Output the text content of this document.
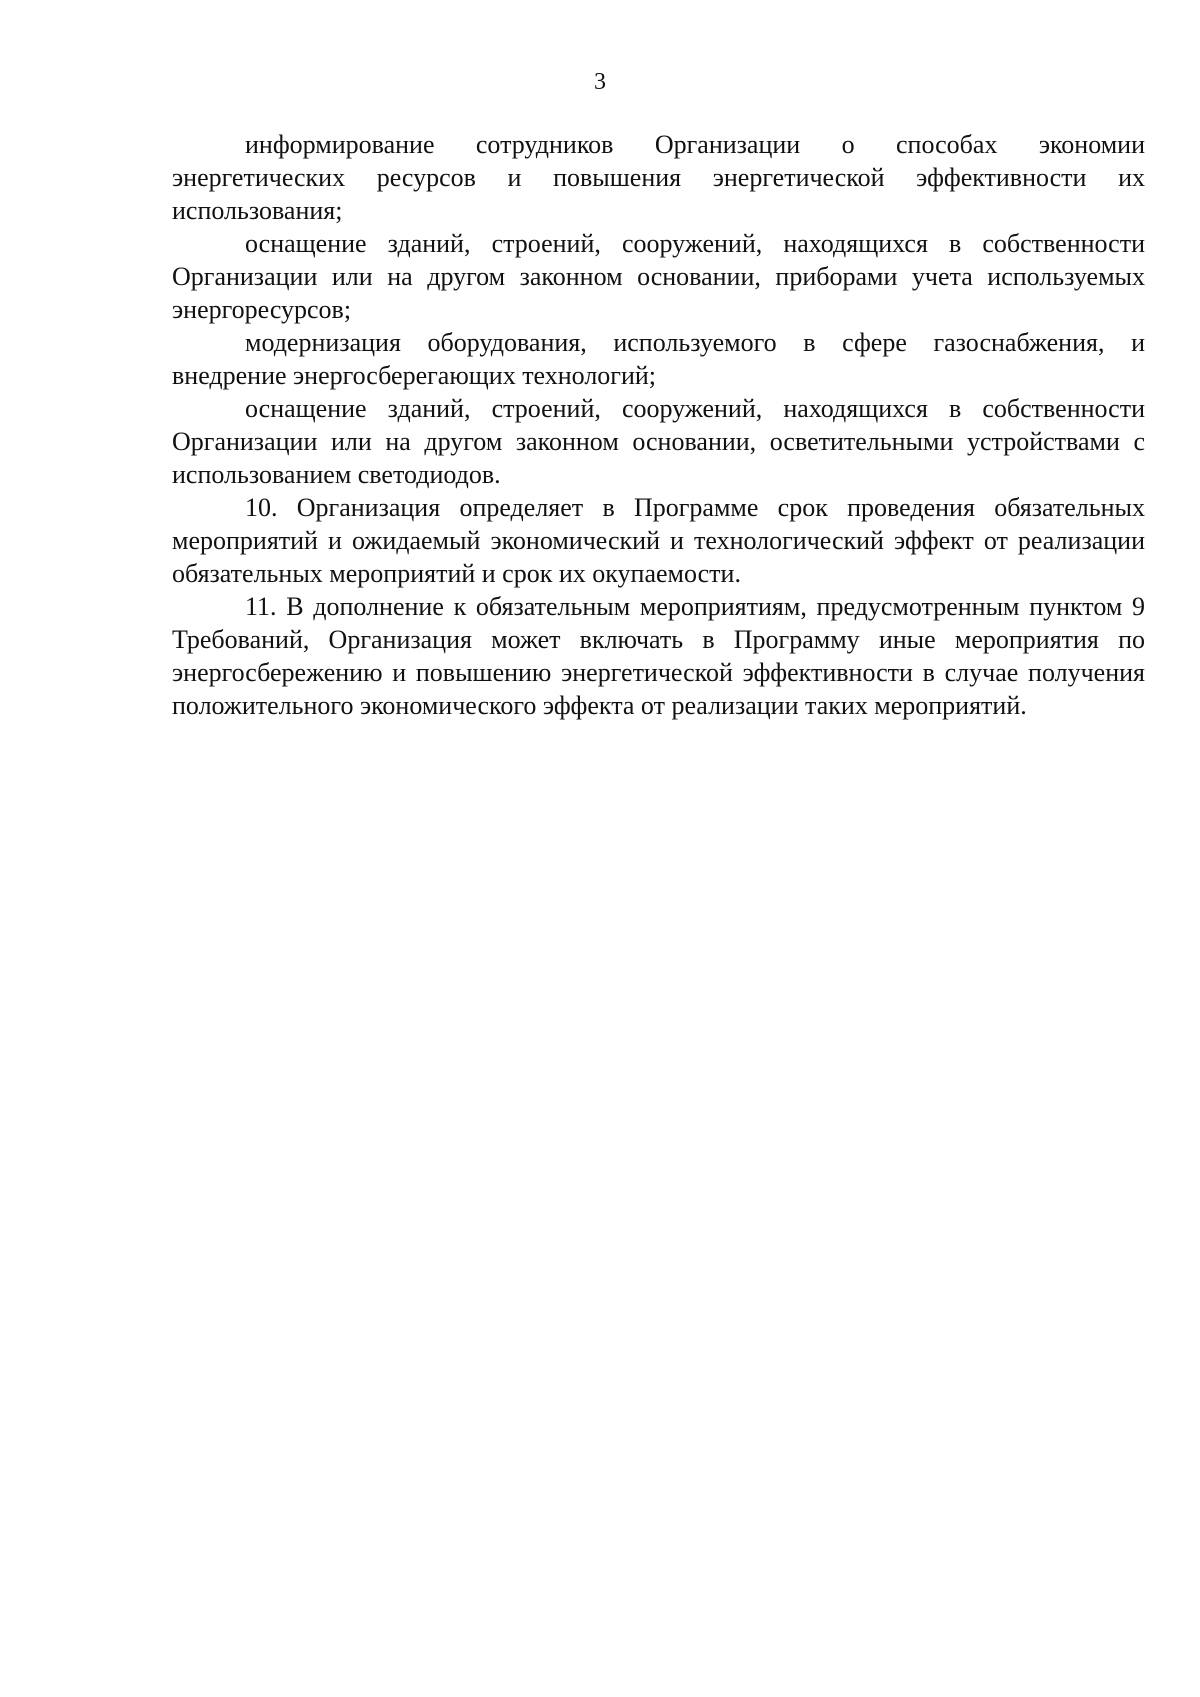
3

информирование сотрудников Организации о способах экономии энергетических ресурсов и повышения энергетической эффективности их использования;

оснащение зданий, строений, сооружений, находящихся в собственности Организации или на другом законном основании, приборами учета используемых энергоресурсов;

модернизация оборудования, используемого в сфере газоснабжения, и внедрение энергосберегающих технологий;

оснащение зданий, строений, сооружений, находящихся в собственности Организации или на другом законном основании, осветительными устройствами с использованием светодиодов.

10. Организация определяет в Программе срок проведения обязательных мероприятий и ожидаемый экономический и технологический эффект от реализации обязательных мероприятий и срок их окупаемости.

11. В дополнение к обязательным мероприятиям, предусмотренным пунктом 9 Требований, Организация может включать в Программу иные мероприятия по энергосбережению и повышению энергетической эффективности в случае получения положительного экономического эффекта от реализации таких мероприятий.
